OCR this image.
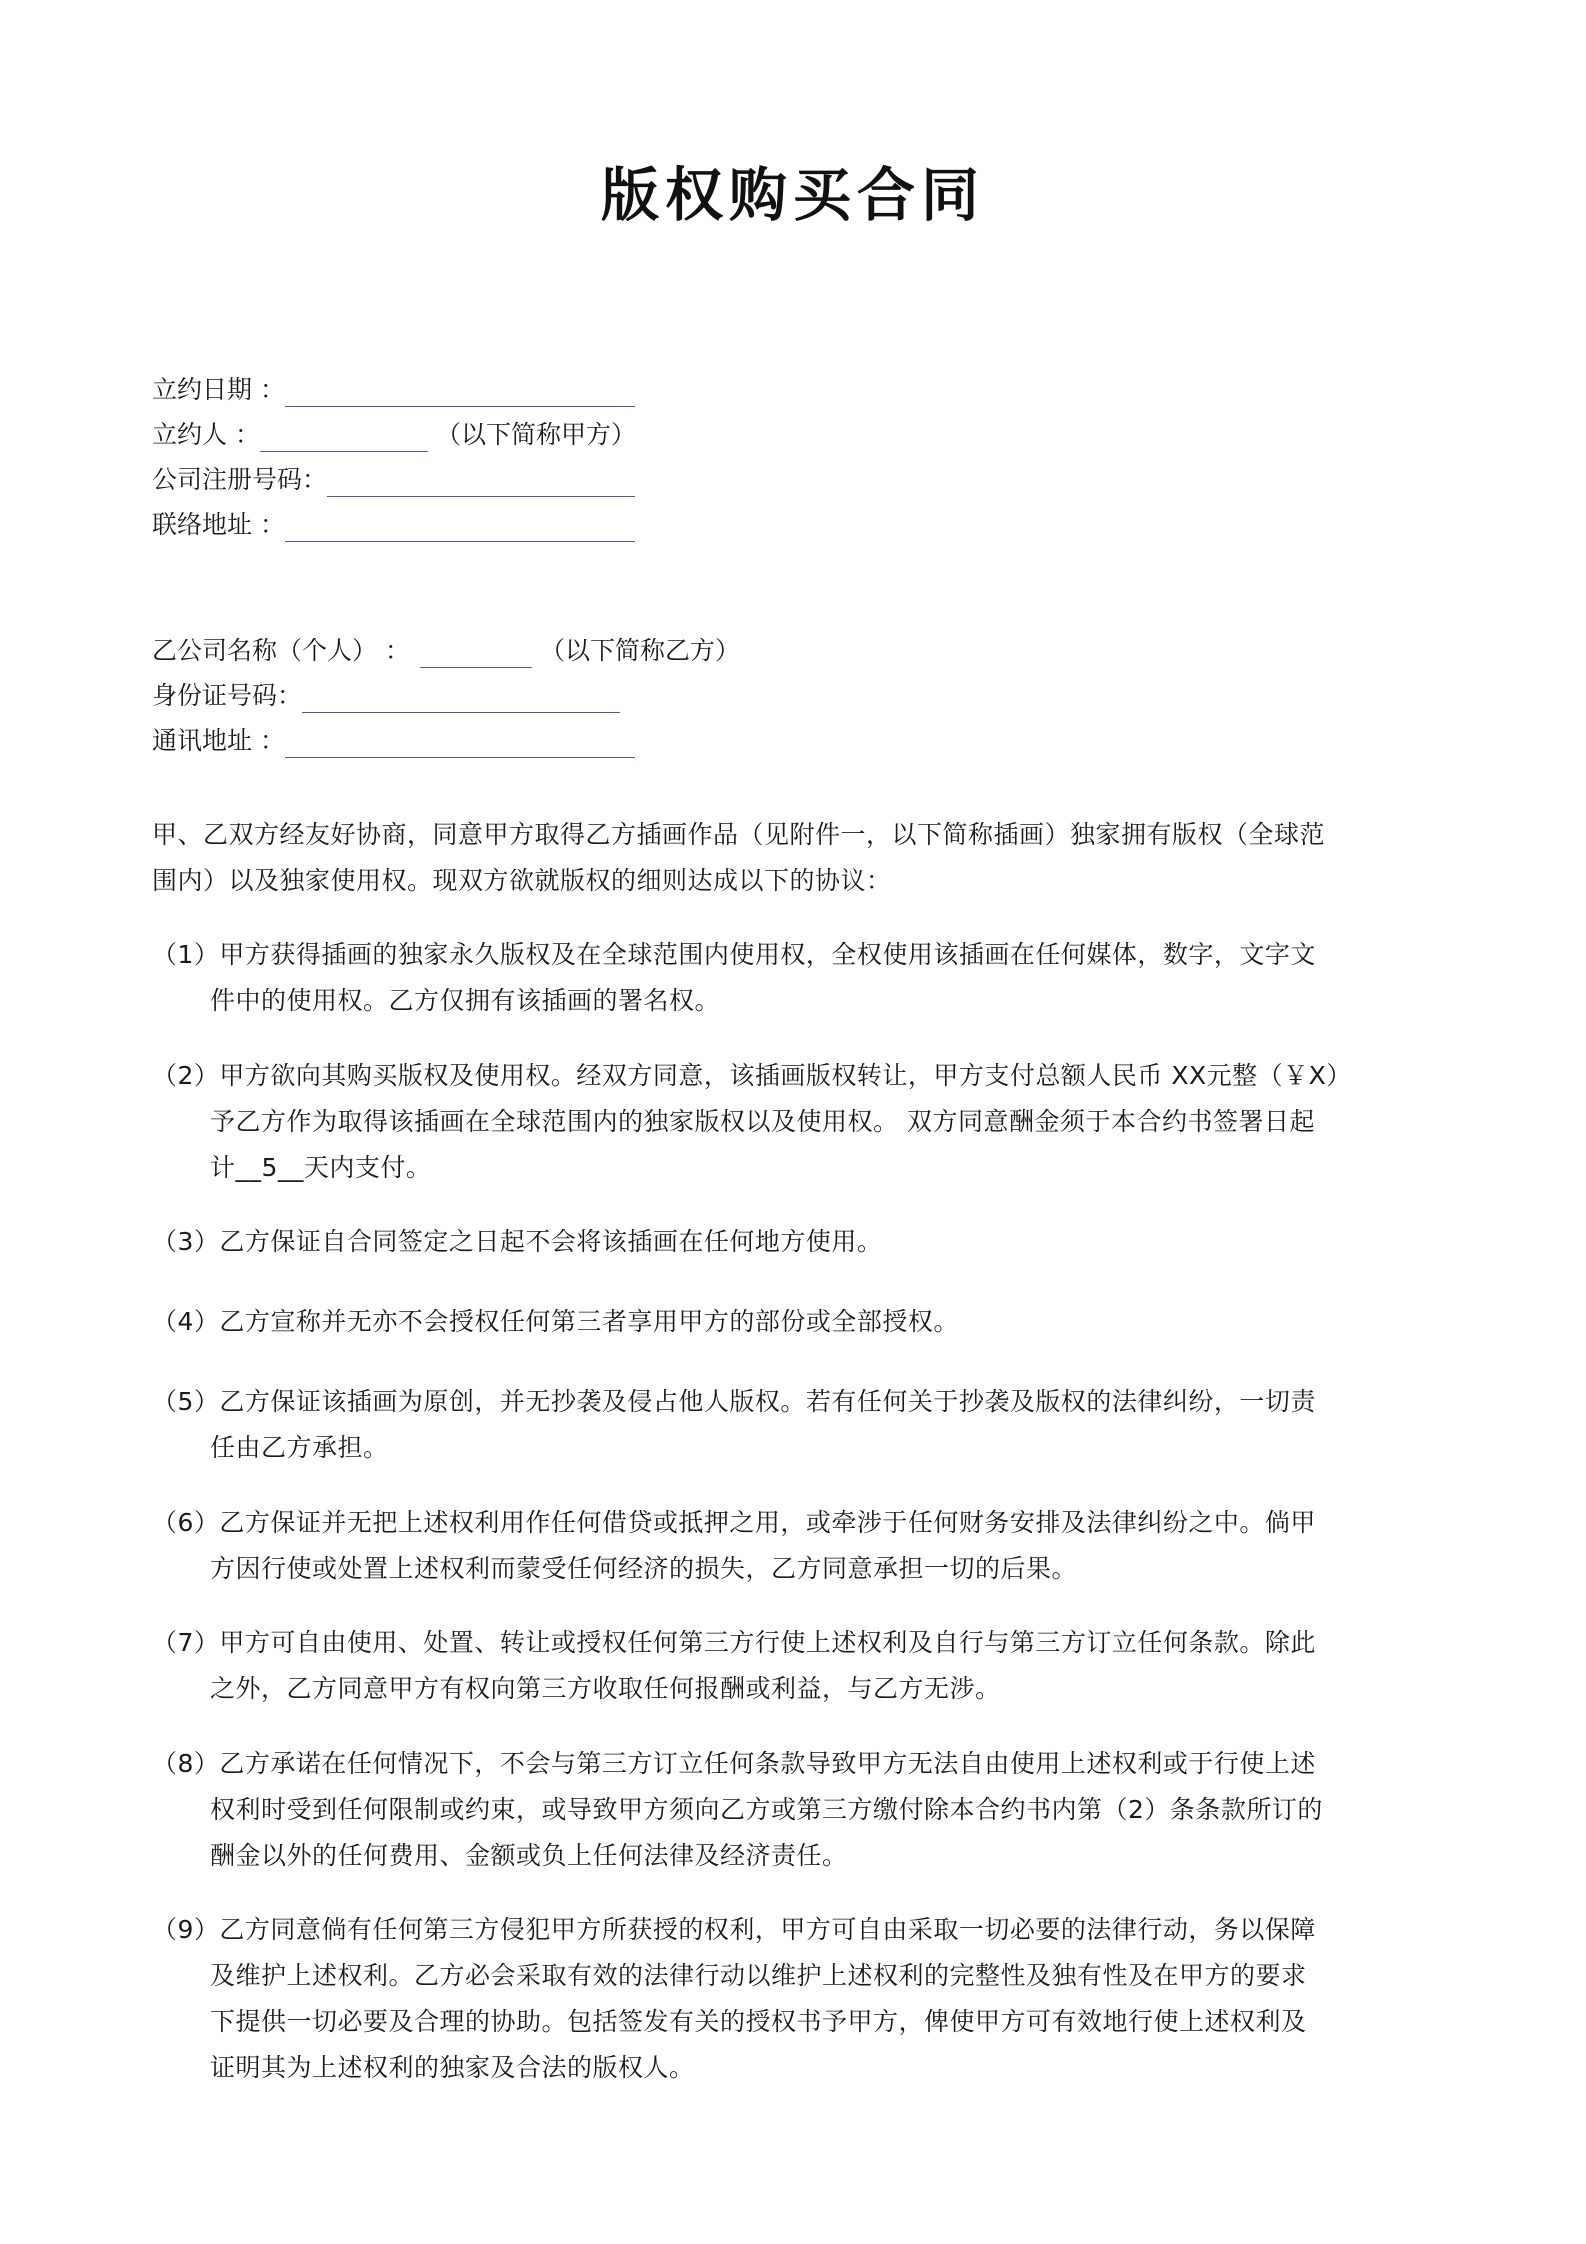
版权购买合同
立约日期 ：
立约人 ：	（以下简称甲方）
公司注册号码：
联络地址 ：
乙公司名称（个人） ：	（以下简称乙方）
身份证号码：
通讯地址 ：
甲、乙双方经友好协商，同意甲方取得乙方插画作品（见附件一，以下简称插画）独家拥有版权（全球范
围内）以及独家使用权。现双方欲就版权的细则达成以下的协议：
（1）甲方获得插画的独家永久版权及在全球范围内使用权，全权使用该插画在任何媒体，数字，文字文
件中的使用权。乙方仅拥有该插画的署名权。
（2）甲方欲向其购买版权及使用权。经双方同意，该插画版权转让，甲方支付总额人民币 XX元整（￥X）
予乙方作为取得该插画在全球范围内的独家版权以及使用权。 双方同意酬金须于本合约书签署日起
计__5__天内支付。
（3）乙方保证自合同签定之日起不会将该插画在任何地方使用。
（4）乙方宣称并无亦不会授权任何第三者享用甲方的部份或全部授权。
（5）乙方保证该插画为原创，并无抄袭及侵占他人版权。若有任何关于抄袭及版权的法律纠纷，一切责
任由乙方承担。
（6）乙方保证并无把上述权利用作任何借贷或抵押之用，或牵涉于任何财务安排及法律纠纷之中。倘甲
方因行使或处置上述权利而蒙受任何经济的损失，乙方同意承担一切的后果。
（7）甲方可自由使用、处置、转让或授权任何第三方行使上述权利及自行与第三方订立任何条款。除此
之外，乙方同意甲方有权向第三方收取任何报酬或利益，与乙方无涉。
（8）乙方承诺在任何情况下，不会与第三方订立任何条款导致甲方无法自由使用上述权利或于行使上述
权利时受到任何限制或约束，或导致甲方须向乙方或第三方缴付除本合约书内第（2）条条款所订的
酬金以外的任何费用、金额或负上任何法律及经济责任。
（9）乙方同意倘有任何第三方侵犯甲方所获授的权利，甲方可自由采取一切必要的法律行动，务以保障
及维护上述权利。乙方必会采取有效的法律行动以维护上述权利的完整性及独有性及在甲方的要求
下提供一切必要及合理的协助。包括签发有关的授权书予甲方，俾使甲方可有效地行使上述权利及
证明其为上述权利的独家及合法的版权人。
